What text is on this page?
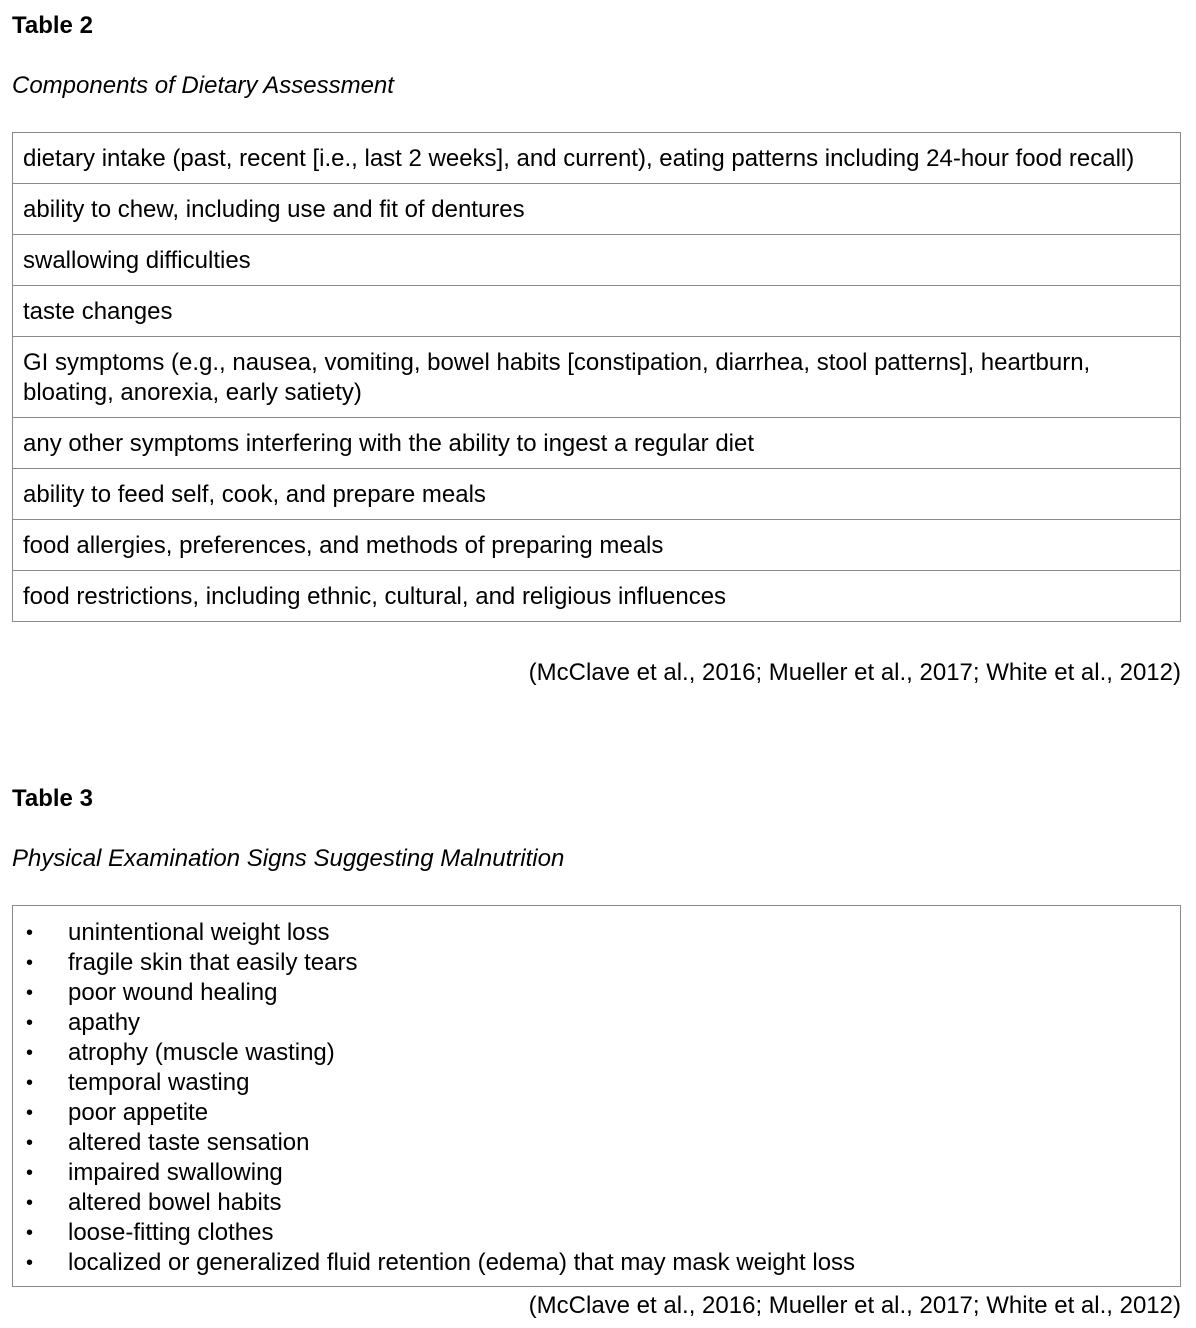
Table 2
Components of Dietary Assessment
dietary intake (past, recent [i.e., last 2 weeks], and current), eating patterns including 24-hour food recall)
ability to chew, including use and fit of dentures
swallowing difficulties
taste changes
GI symptoms (e.g., nausea, vomiting, bowel habits [constipation, diarrhea, stool patterns], heartburn, bloating, anorexia, early satiety)
any other symptoms interfering with the ability to ingest a regular diet
ability to feed self, cook, and prepare meals
food allergies, preferences, and methods of preparing meals
food restrictions, including ethnic, cultural, and religious influences
(McClave et al., 2016; Mueller et al., 2017; White et al., 2012)
Table 3
Physical Examination Signs Suggesting Malnutrition
• unintentional weight loss
• fragile skin that easily tears
• poor wound healing
• apathy
• atrophy (muscle wasting)
• temporal wasting
• poor appetite
• altered taste sensation
• impaired swallowing
• altered bowel habits
• loose-fitting clothes
• localized or generalized fluid retention (edema) that may mask weight loss
(McClave et al., 2016; Mueller et al., 2017; White et al., 2012)
